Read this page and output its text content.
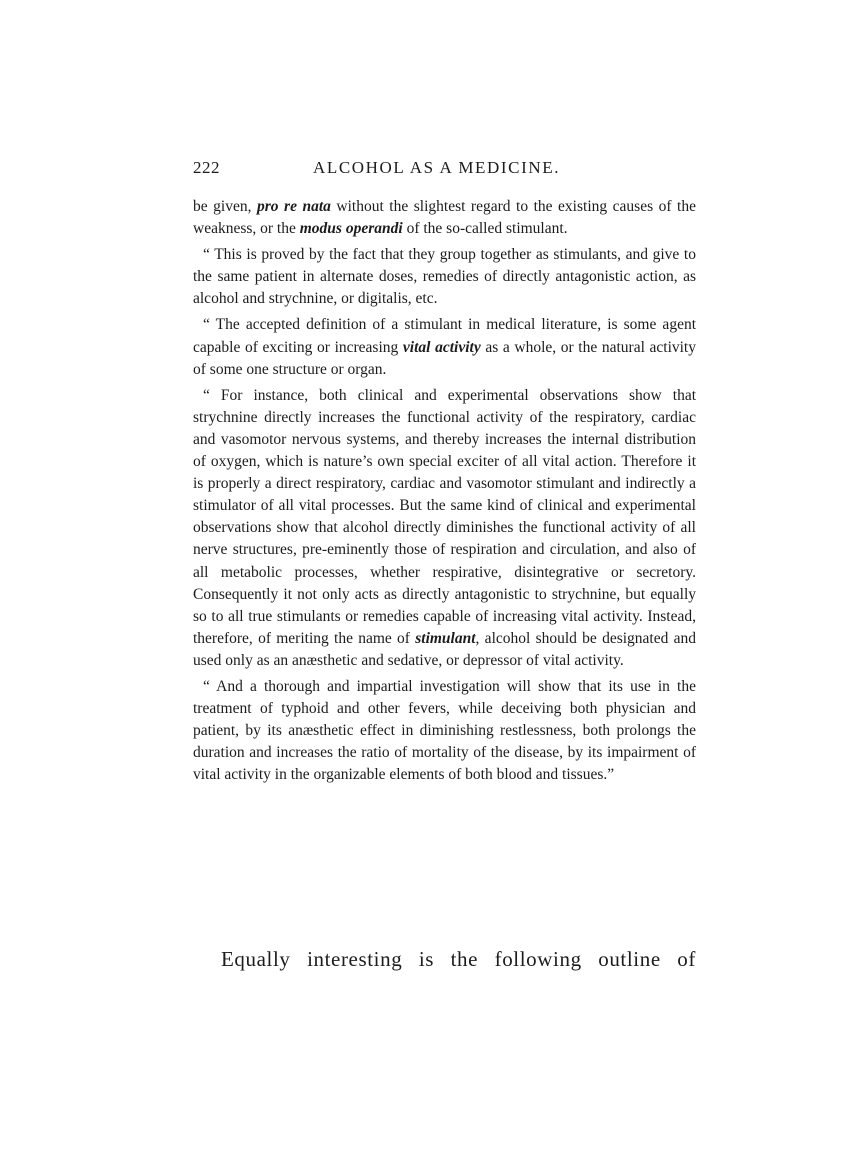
222	ALCOHOL AS A MEDICINE.

be given, pro re nata without the slightest regard to the existing causes of the weakness, or the modus operandi of the so-called stimulant.

“ This is proved by the fact that they group together as stimulants, and give to the same patient in alternate doses, remedies of directly antagonistic action, as alcohol and strychnine, or digitalis, etc.

“ The accepted definition of a stimulant in medical literature, is some agent capable of exciting or increasing vital activity as a whole, or the natural activity of some one structure or organ.

“ For instance, both clinical and experimental observations show that strychnine directly increases the functional activity of the respiratory, cardiac and vasomotor nervous systems, and thereby increases the internal distribution of oxygen, which is nature’s own special exciter of all vital action. Therefore it is properly a direct respiratory, cardiac and vasomotor stimulant and indirectly a stimulator of all vital processes. But the same kind of clinical and experimental observations show that alcohol directly diminishes the functional activity of all nerve structures, pre-eminently those of respiration and circulation, and also of all metabolic processes, whether respirative, disintegrative or secretory. Consequently it not only acts as directly antagonistic to strychnine, but equally so to all true stimulants or remedies capable of increasing vital activity. Instead, therefore, of meriting the name of stimulant, alcohol should be designated and used only as an anæsthetic and sedative, or depressor of vital activity.

“ And a thorough and impartial investigation will show that its use in the treatment of typhoid and other fevers, while deceiving both physician and patient, by its anæsthetic effect in diminishing restlessness, both prolongs the duration and increases the ratio of mortality of the disease, by its impairment of vital activity in the organizable elements of both blood and tissues.”

Equally interesting is the following outline of
